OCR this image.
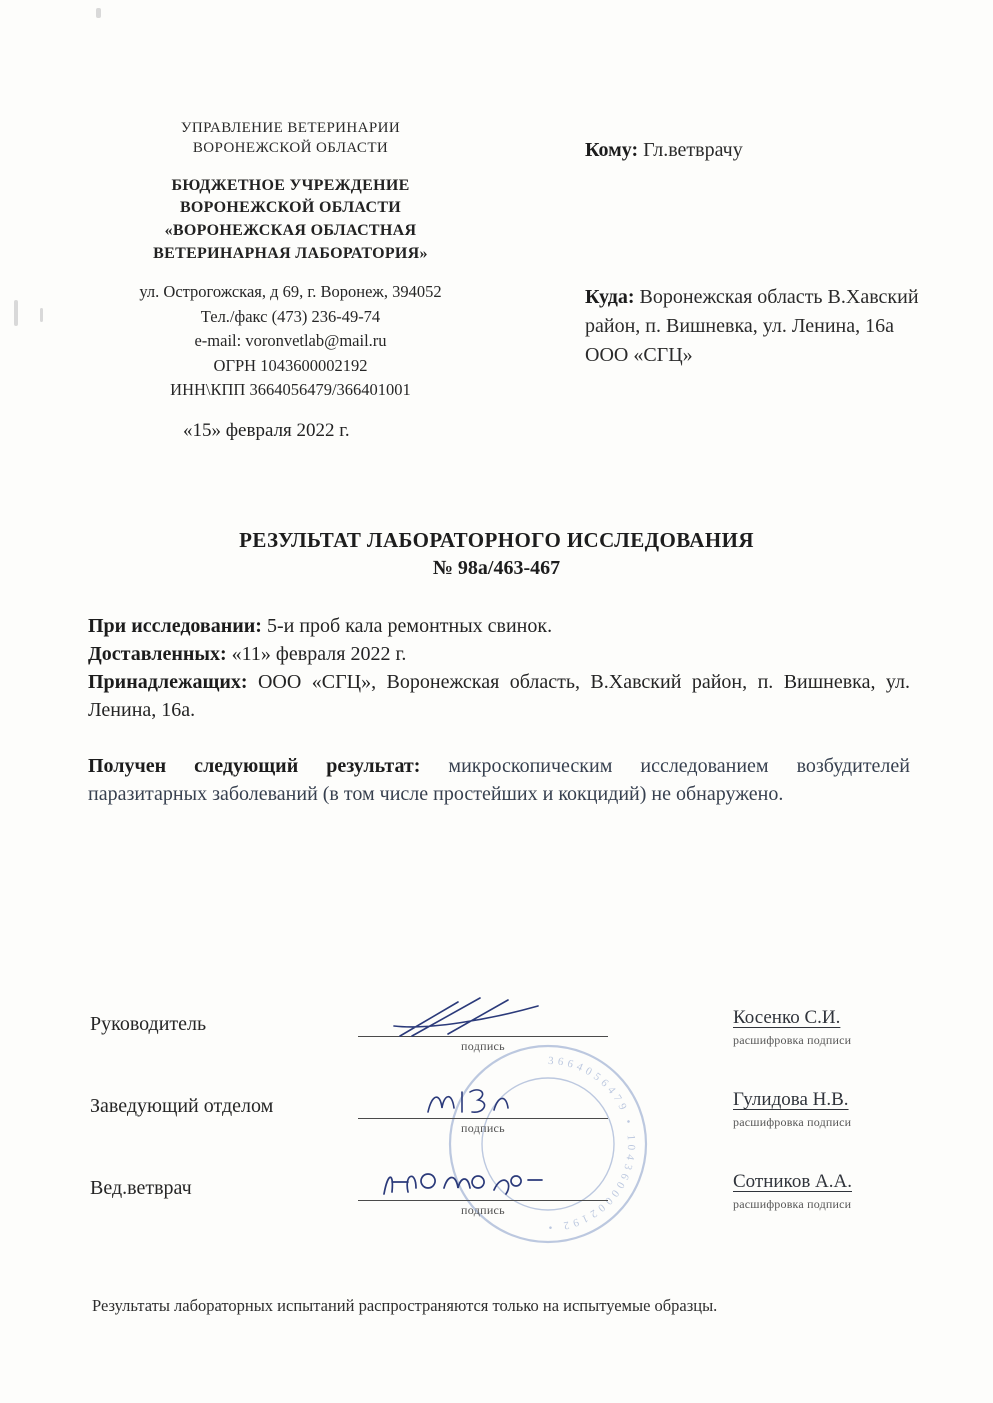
УПРАВЛЕНИЕ ВЕТЕРИНАРИИ
ВОРОНЕЖСКОЙ ОБЛАСТИ
БЮДЖЕТНОЕ УЧРЕЖДЕНИЕ
ВОРОНЕЖСКОЙ ОБЛАСТИ
«ВОРОНЕЖСКАЯ ОБЛАСТНАЯ
ВЕТЕРИНАРНАЯ ЛАБОРАТОРИЯ»
ул. Острогожская, д 69, г. Воронеж, 394052
Тел./факс (473) 236-49-74
e-mail: voronvetlab@mail.ru
ОГРН 1043600002192
ИНН\КПП 3664056479/366401001
«15» февраля 2022 г.
Кому: Гл.ветврачу
Куда: Воронежская область В.Хавский район, п. Вишневка, ул. Ленина, 16а ООО «СГЦ»
РЕЗУЛЬТАТ ЛАБОРАТОРНОГО ИССЛЕДОВАНИЯ
№ 98а/463-467

При исследовании: 5-и проб кала ремонтных свинок.

Доставленных: «11» февраля 2022 г.

Принадлежащих: ООО «СГЦ», Воронежская область, В.Хавский район, п. Вишневка, ул. Ленина, 16а.

Получен следующий результат: микроскопическим исследованием возбудителей паразитарных заболеваний (в том числе простейших и кокцидий) не обнаружено.

3664056479 • 1043600002192 •
Руководитель
подпись
Косенко С.И.
расшифровка подписи
Заведующий отделом
подпись
Гулидова Н.В.
расшифровка подписи
Вед.ветврач
подпись
Сотников А.А.
расшифровка подписи
Результаты лабораторных испытаний распространяются только на испытуемые образцы.
